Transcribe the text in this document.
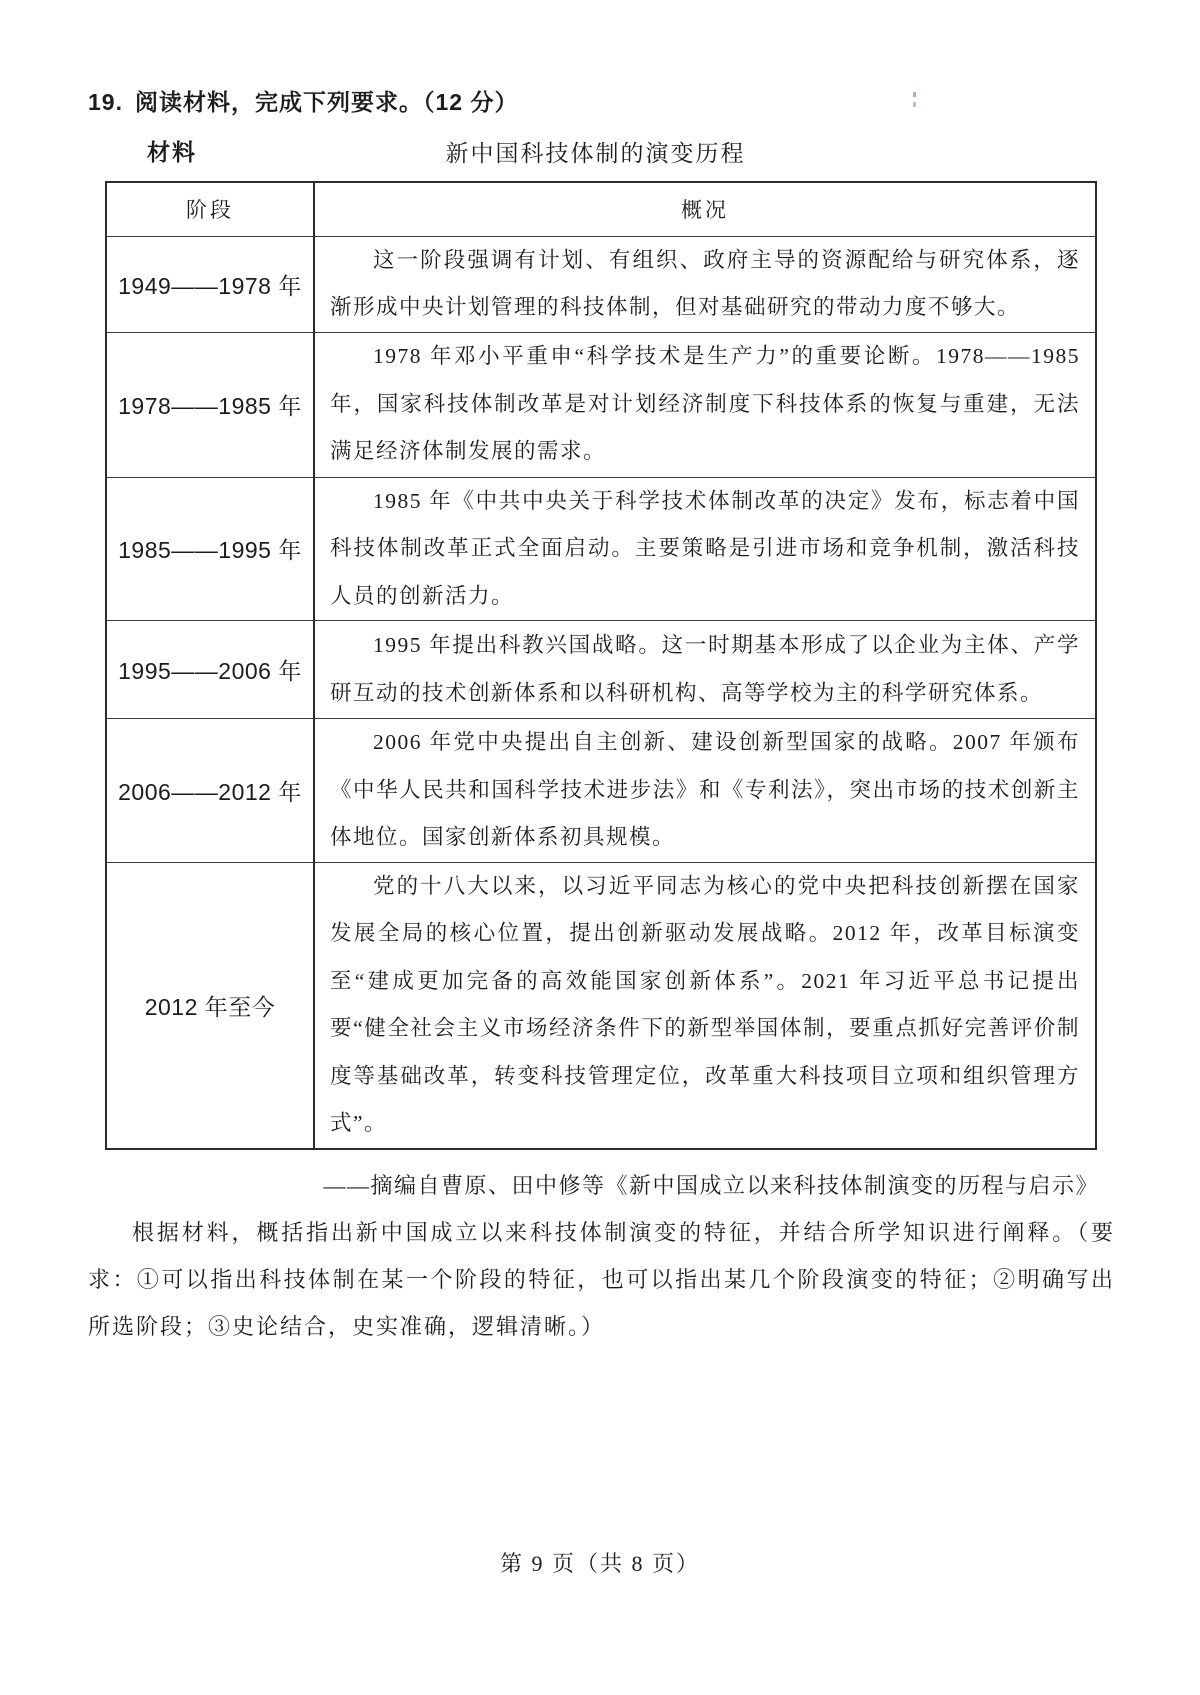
19. 阅读材料，完成下列要求。（12 分）
材料	新中国科技体制的演变历程
阶段	概况
1949——1978 年	这一阶段强调有计划、有组织、政府主导的资源配给与研究体系，逐渐形成中央计划管理的科技体制，但对基础研究的带动力度不够大。

1978——1985 年	1978 年邓小平重申“科学技术是生产力”的重要论断。1978——1985 年，国家科技体制改革是对计划经济制度下科技体系的恢复与重建，无法满足经济体制发展的需求。

1985——1995 年	1985 年《中共中央关于科学技术体制改革的决定》发布，标志着中国科技体制改革正式全面启动。主要策略是引进市场和竞争机制，激活科技人员的创新活力。

1995——2006 年	1995 年提出科教兴国战略。这一时期基本形成了以企业为主体、产学研互动的技术创新体系和以科研机构、高等学校为主的科学研究体系。

2006——2012 年	2006 年党中央提出自主创新、建设创新型国家的战略。2007 年颁布《中华人民共和国科学技术进步法》和《专利法》，突出市场的技术创新主体地位。国家创新体系初具规模。

2012 年至今	党的十八大以来，以习近平同志为核心的党中央把科技创新摆在国家发展全局的核心位置，提出创新驱动发展战略。2012 年，改革目标演变至“建成更加完备的高效能国家创新体系”。2021 年习近平总书记提出要“健全社会主义市场经济条件下的新型举国体制，要重点抓好完善评价制度等基础改革，转变科技管理定位，改革重大科技项目立项和组织管理方式”。

——摘编自曹原、田中修等《新中国成立以来科技体制演变的历程与启示》
根据材料，概括指出新中国成立以来科技体制演变的特征，并结合所学知识进行阐释。（要求：①可以指出科技体制在某一个阶段的特征，也可以指出某几个阶段演变的特征；②明确写出所选阶段；③史论结合，史实准确，逻辑清晰。）
第 9 页（共 8 页）
